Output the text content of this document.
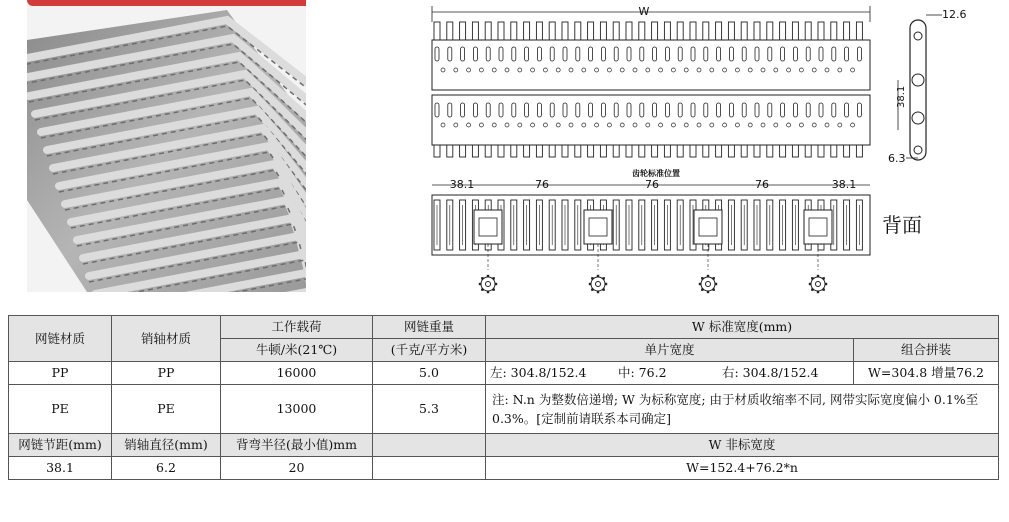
W	12.6
38.1
6.3
齿轮标准位置
38.1	76	76	76	38.1
背面
网链材质	销轴材质	工作载荷	网链重量	W 标准宽度(mm)	
		牛顿/米(21℃)	(千克/平方米)	单片宽度	组合拼装
PP	PP	16000	5.0	左: 304.8/152.4 中: 76.2 右: 304.8/152.4	W=304.8 增量76.2
PE	PE	13000	5.3	注: N.n 为整数倍递增; W 为标称宽度; 由于材质收缩率不同, 网带实际宽度偏小 0.1%至 0.3%。[定制前请联系本司确定]	
网链节距(mm)	销轴直径(mm)	背弯半径(最小值)mm		W 非标宽度	
38.1	6.2	20		W=152.4+76.2*n	
